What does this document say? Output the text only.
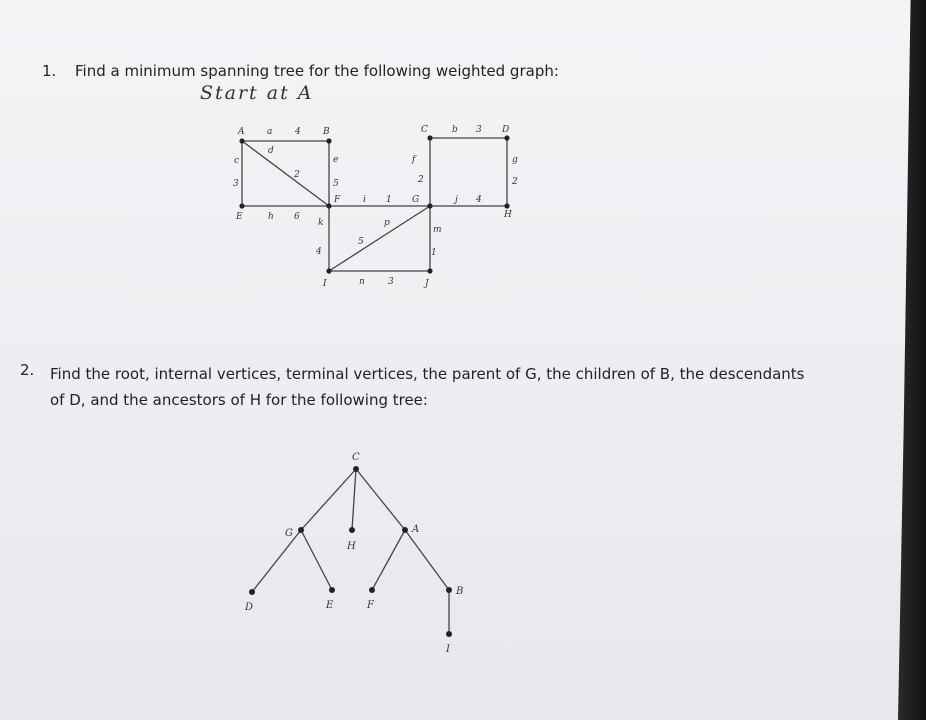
1. Find a minimum spanning tree for the following weighted graph:
Start at A
A	B	C	D
E
F	G
H
I	J
a	4	b 3
c
3
d
2
e
5
f
2
g
2
h 6
i 1	j 4
k
4
p
5
m
1
n	3
C
G
H
A
D	E	F
B
I
2. Find the root, internal vertices, terminal vertices, the parent of G, the children of B, the descendants of D, and the ancestors of H for the following tree:
